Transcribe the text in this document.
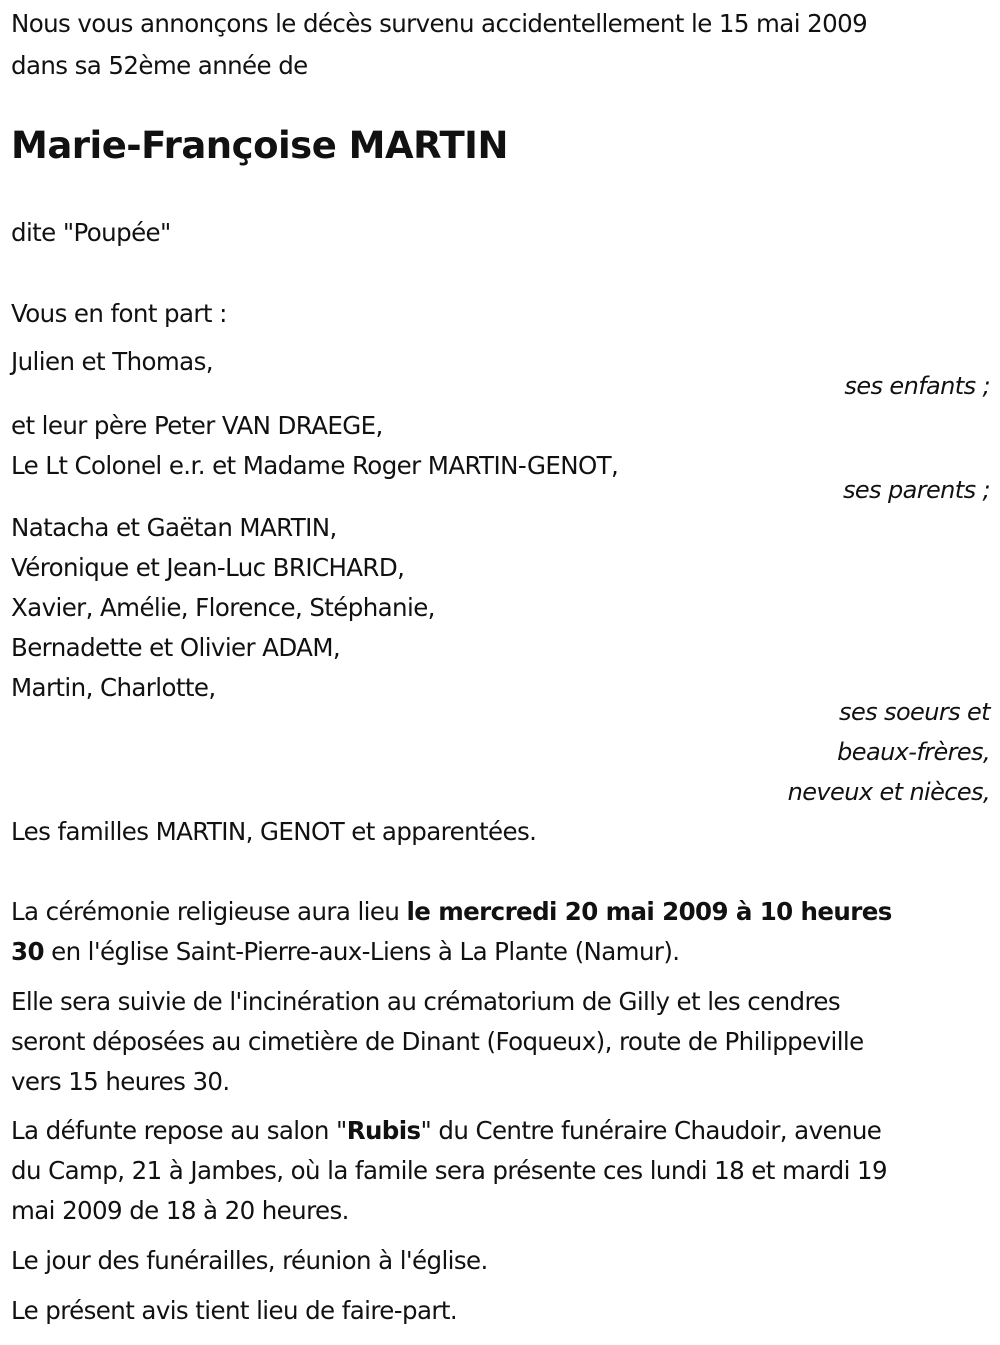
Nous vous annonçons le décès survenu accidentellement le 15 mai 2009
dans sa 52ème année de
Marie-Françoise MARTIN
dite "Poupée"
Vous en font part :
Julien et Thomas,
ses enfants ;
et leur père Peter VAN DRAEGE,
Le Lt Colonel e.r. et Madame Roger MARTIN-GENOT,
ses parents ;
Natacha et Gaëtan MARTIN,
Véronique et Jean-Luc BRICHARD,
Xavier, Amélie, Florence, Stéphanie,
Bernadette et Olivier ADAM,
Martin, Charlotte,
ses soeurs et
beaux-frères,
neveux et nièces,
Les familles MARTIN, GENOT et apparentées.
La cérémonie religieuse aura lieu le mercredi 20 mai 2009 à 10 heures
30 en l'église Saint-Pierre-aux-Liens à La Plante (Namur).
Elle sera suivie de l'incinération au crématorium de Gilly et les cendres
seront déposées au cimetière de Dinant (Foqueux), route de Philippeville
vers 15 heures 30.
La défunte repose au salon "Rubis" du Centre funéraire Chaudoir, avenue
du Camp, 21 à Jambes, où la famile sera présente ces lundi 18 et mardi 19
mai 2009 de 18 à 20 heures.
Le jour des funérailles, réunion à l'église.
Le présent avis tient lieu de faire-part.
